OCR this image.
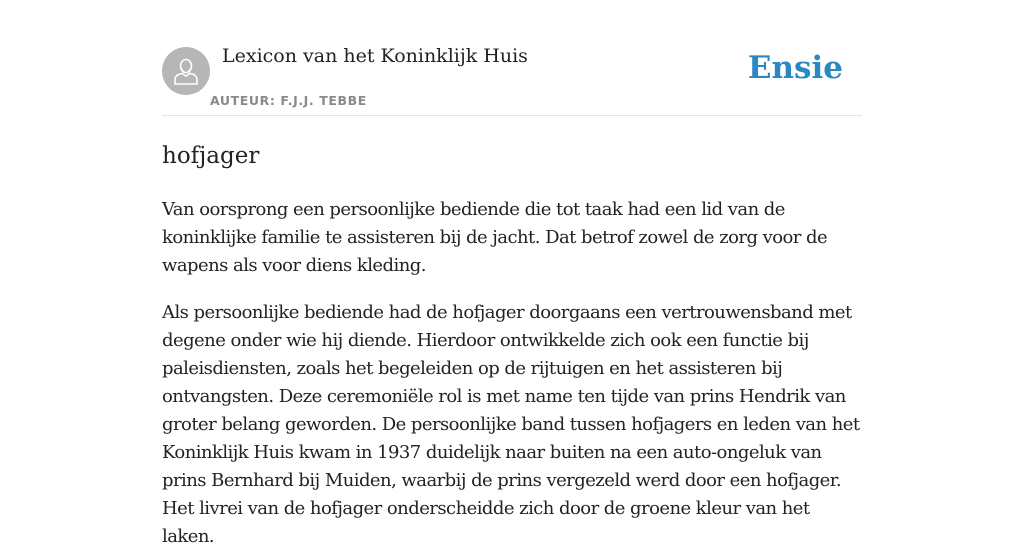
Lexicon van het Koninklijk Huis
AUTEUR: F.J.J. TEBBE
Ensie
hofjager

Van oorsprong een persoonlijke bediende die tot taak had een lid van de koninklijke familie te assisteren bij de jacht. Dat betrof zowel de zorg voor de wapens als voor diens kleding.

Als persoonlijke bediende had de hofjager doorgaans een vertrouwensband met degene onder wie hij diende. Hierdoor ontwikkelde zich ook een functie bij paleisdiensten, zoals het begeleiden op de rijtuigen en het assisteren bij ontvangsten. Deze ceremoniële rol is met name ten tijde van prins Hendrik van groter belang geworden. De persoonlijke band tussen hofjagers en leden van het Koninklijk Huis kwam in 1937 duidelijk naar buiten na een auto-ongeluk van prins Bernhard bij Muiden, waarbij de prins vergezeld werd door een hofjager. Het livrei van de hofjager onderscheidde zich door de groene kleur van het laken.
